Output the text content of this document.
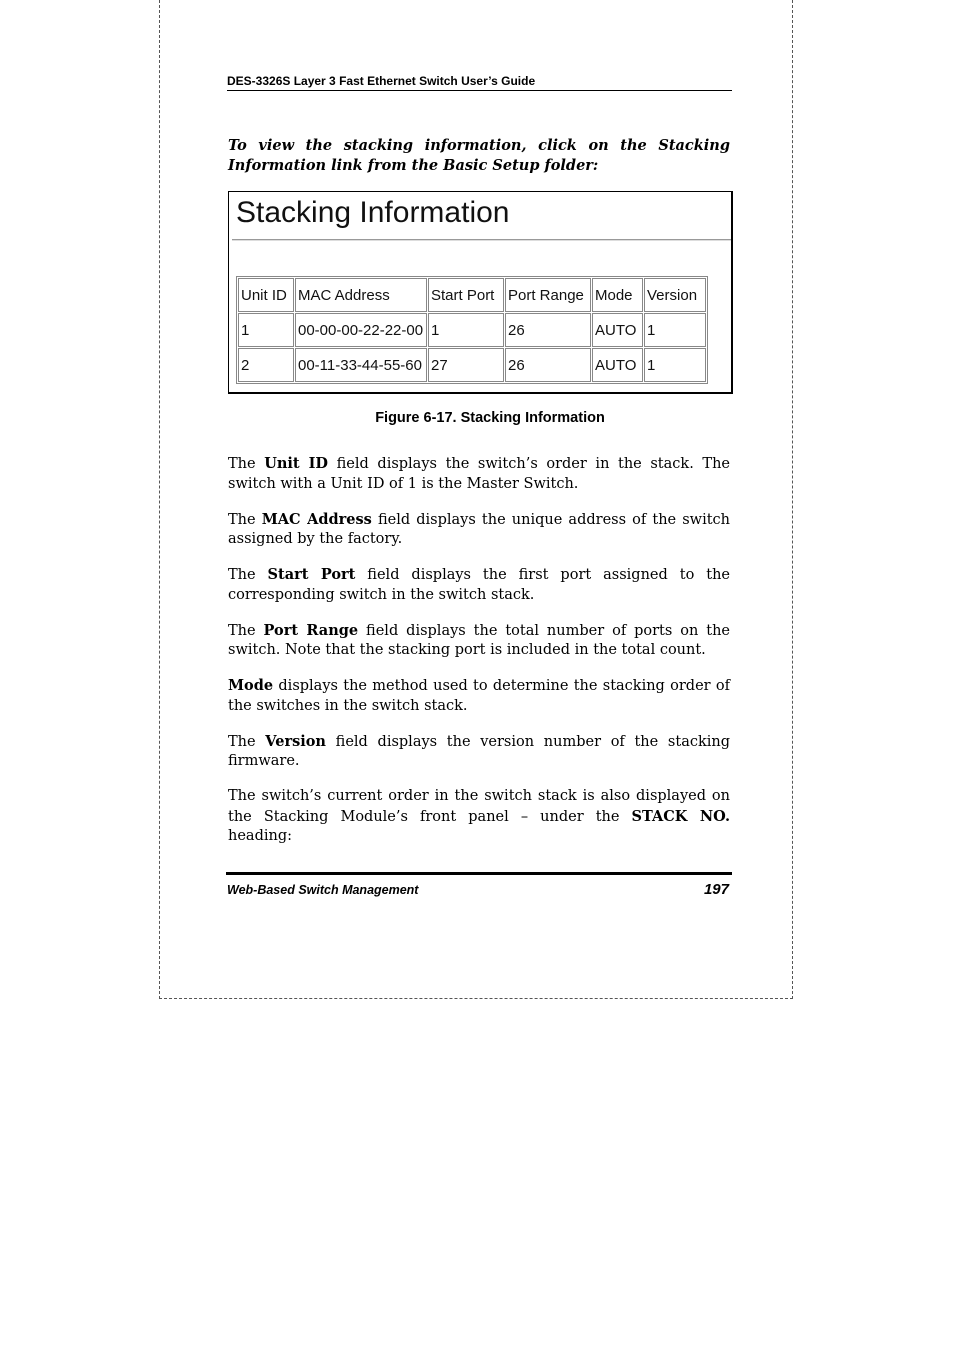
DES-3326S Layer 3 Fast Ethernet Switch User’s Guide
To view the stacking information, click on the Stacking Information link from the Basic Setup folder:
Stacking Information
Unit ID	MAC Address	Start Port	Port Range	Mode	Version
1	00-00-00-22-22-00	1	26	AUTO	1
2	00-11-33-44-55-60	27	26	AUTO	1
Figure 6-17. Stacking Information

The Unit ID field displays the switch’s order in the stack. The switch with a Unit ID of 1 is the Master Switch.

The MAC Address field displays the unique address of the switch assigned by the factory.

The Start Port field displays the first port assigned to the corresponding switch in the switch stack.

The Port Range field displays the total number of ports on the switch. Note that the stacking port is included in the total count.

Mode displays the method used to determine the stacking order of the switches in the switch stack.

The Version field displays the version number of the stacking firmware.

The switch’s current order in the switch stack is also displayed on the Stacking Module’s front panel – under the STACK NO. heading:

Web-Based Switch Management	197
